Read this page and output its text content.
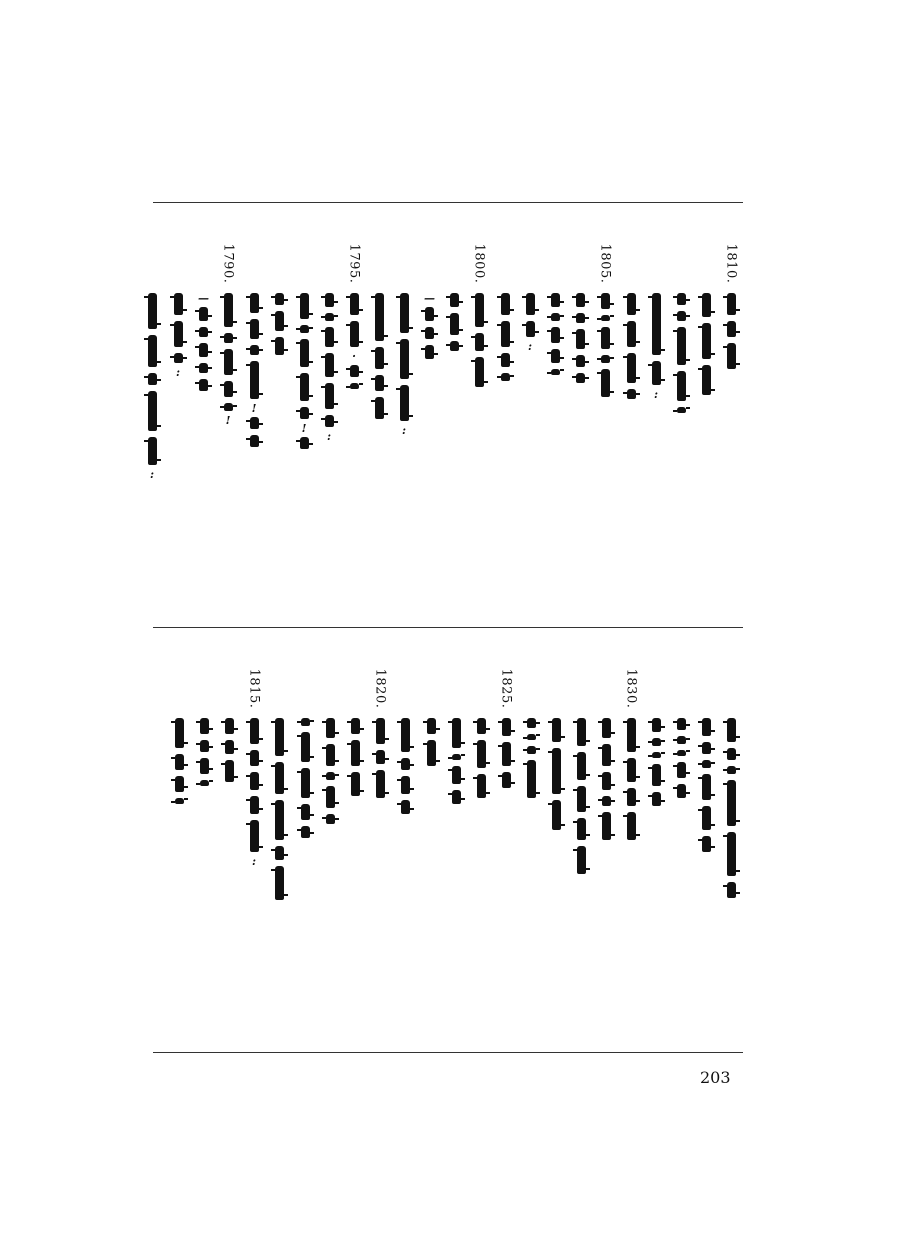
1810.
:
1805.
:
1800.
—
:
1795.
·
:
!
!
1790.
!
—
:
:
1830.
1825.
1820.
1815.
:
203
